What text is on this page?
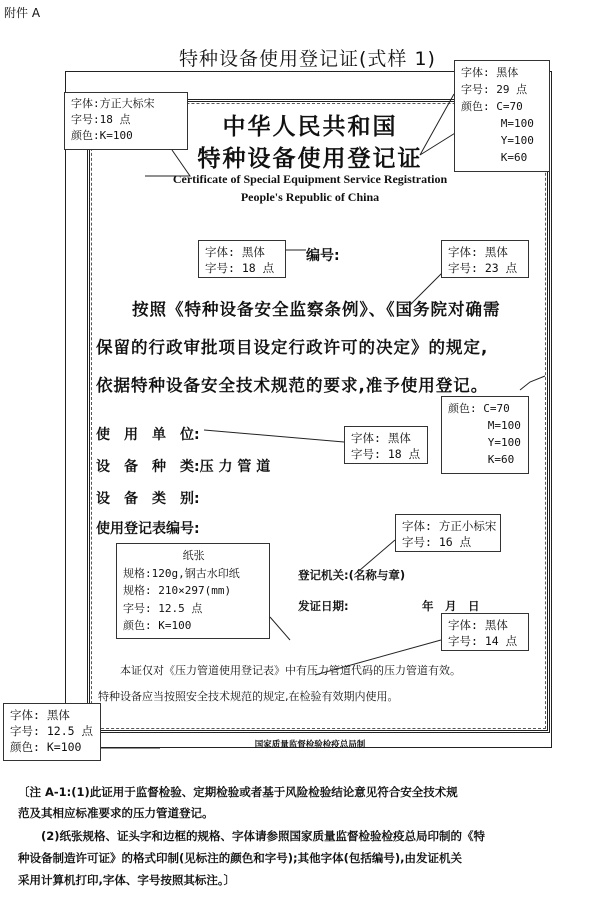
附件 A
特种设备使用登记证(式样 1)
中华人民共和国
特种设备使用登记证
Certificate of Special Equipment Service Registration
People's Republic of China
编号:
按照《特种设备安全监察条例》、《国务院对确需
保留的行政审批项目设定行政许可的决定》的规定,
依据特种设备安全技术规范的要求,准予使用登记。
使　用　单　位:
设　备　种　类:压 力 管 道
设　备　类　别:
使用登记表编号:
登记机关:(名称与章)
发证日期:	年　月　日
本证仅对《压力管道使用登记表》中有压力管道代码的压力管道有效。
特种设备应当按照安全技术规范的规定,在检验有效期内使用。
国家质量监督检验检疫总局制
字体:方正大标宋
字号:18 点
颜色:K=100
字体: 黑体
字号: 29 点
颜色: C=70
M=100
Y=100
K=60
字体: 黑体
字号: 18 点
字体: 黑体
字号: 23 点
颜色: C=70
M=100
Y=100
K=60
字体: 黑体
字号: 18 点
字体: 方正小标宋
字号: 16 点
纸张
规格:120g,钢古水印纸
规格: 210×297(mm)
字号: 12.5 点
颜色: K=100	字体: 黑体
字号: 14 点
字体: 黑体
字号: 12.5 点
颜色: K=100
〔注 A-1:(1)此证用于监督检验、定期检验或者基于风险检验结论意见符合安全技术规
范及其相应标准要求的压力管道登记。
　　(2)纸张规格、证头字和边框的规格、字体请参照国家质量监督检验检疫总局印制的《特
种设备制造许可证》的格式印制(见标注的颜色和字号);其他字体(包括编号),由发证机关
采用计算机打印,字体、字号按照其标注。〕
